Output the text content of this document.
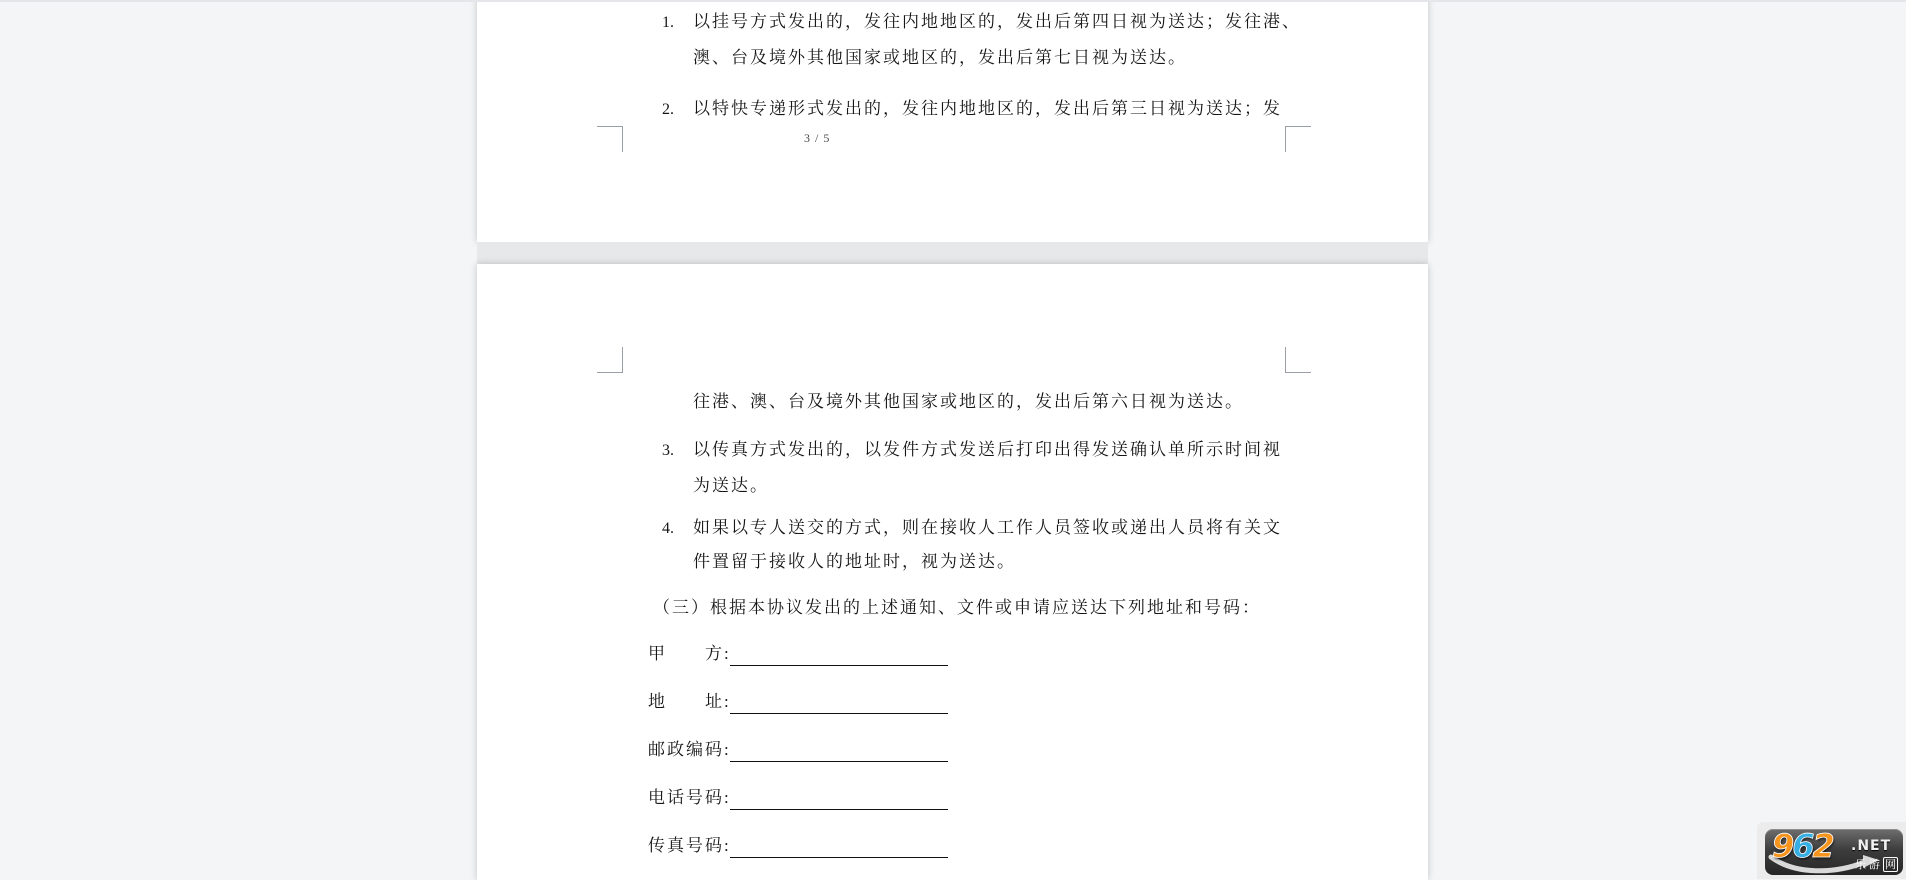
1. 以挂号方式发出的，发往内地地区的，发出后第四日视为送达；发往港、
澳、台及境外其他国家或地区的，发出后第七日视为送达。
2. 以特快专递形式发出的，发往内地地区的，发出后第三日视为送达；发
3 / 5
往港、澳、台及境外其他国家或地区的，发出后第六日视为送达。
3. 以传真方式发出的，以发件方式发送后打印出得发送确认单所示时间视
为送达。
4. 如果以专人送交的方式，则在接收人工作人员签收或递出人员将有关文
件置留于接收人的地址时，视为送达。
（三）根据本协议发出的上述通知、文件或申请应送达下列地址和号码：
甲　　方:
地　　址:
邮政编码:
电话号码:
传真号码:	962 .NET
乐游 网
